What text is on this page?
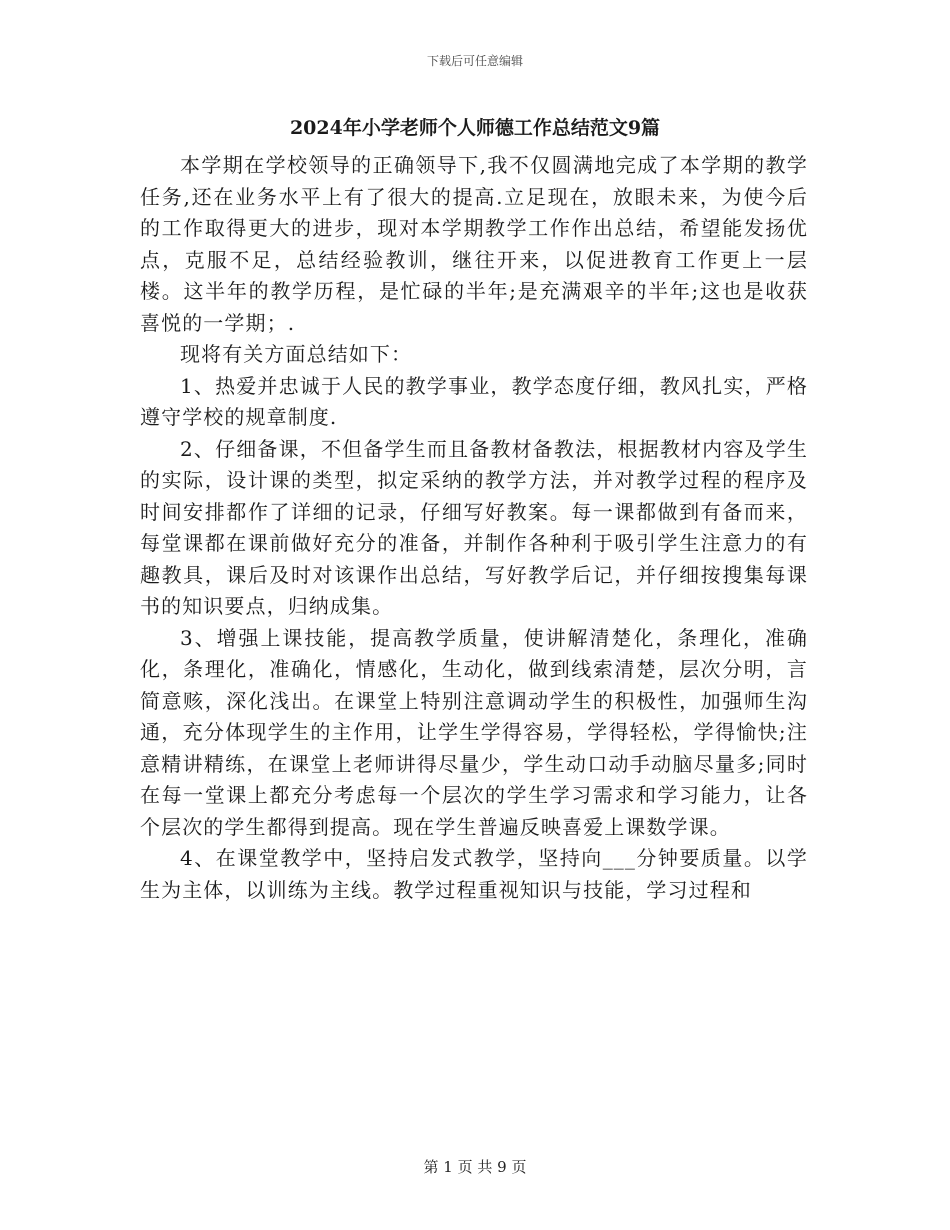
下载后可任意编辑
2024年小学老师个人师德工作总结范文9篇

本学期在学校领导的正确领导下,我不仅圆满地完成了本学期的教学任务,还在业务水平上有了很大的提高.立足现在，放眼未来，为使今后的工作取得更大的进步，现对本学期教学工作作出总结，希望能发扬优点，克服不足，总结经验教训，继往开来，以促进教育工作更上一层楼。这半年的教学历程，是忙碌的半年;是充满艰辛的半年;这也是收获喜悦的一学期；.

现将有关方面总结如下：

1、热爱并忠诚于人民的教学事业，教学态度仔细，教风扎实，严格遵守学校的规章制度.

2、仔细备课，不但备学生而且备教材备教法，根据教材内容及学生的实际，设计课的类型，拟定采纳的教学方法，并对教学过程的程序及时间安排都作了详细的记录，仔细写好教案。每一课都做到有备而来，每堂课都在课前做好充分的准备，并制作各种利于吸引学生注意力的有趣教具，课后及时对该课作出总结，写好教学后记，并仔细按搜集每课书的知识要点，归纳成集。

3、增强上课技能，提高教学质量，使讲解清楚化，条理化，准确化，条理化，准确化，情感化，生动化，做到线索清楚，层次分明，言简意赅，深化浅出。在课堂上特别注意调动学生的积极性，加强师生沟通，充分体现学生的主作用，让学生学得容易，学得轻松，学得愉快;注意精讲精练，在课堂上老师讲得尽量少，学生动口动手动脑尽量多;同时在每一堂课上都充分考虑每一个层次的学生学习需求和学习能力，让各个层次的学生都得到提高。现在学生普遍反映喜爱上课数学课。

4、在课堂教学中，坚持启发式教学，坚持向___分钟要质量。以学生为主体，以训练为主线。教学过程重视知识与技能，学习过程和

第 1 页 共 9 页
